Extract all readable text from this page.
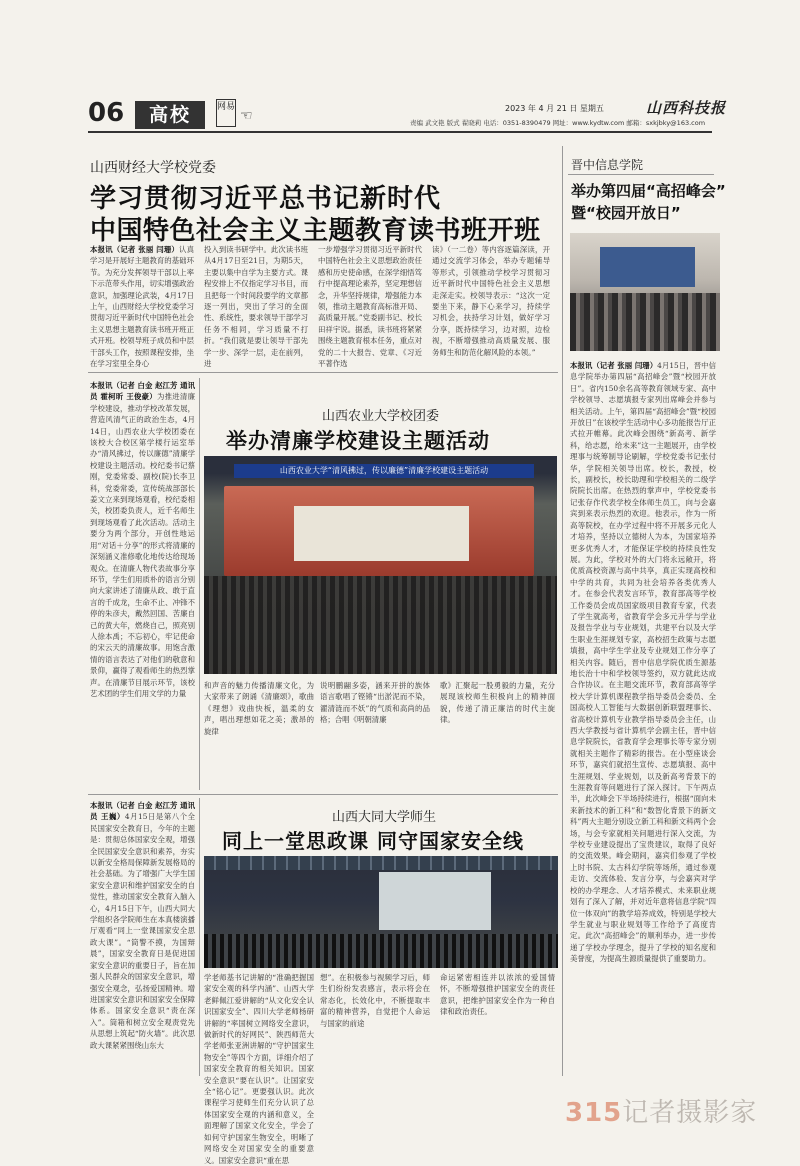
06	高校	网易
☜	2023 年 4 月 21 日 星期五	山西科技报
责编 武文艳 版式 翟晓莉 电话：0351-8390479 网址：www.kydtw.com 邮箱：sxkjbky@163.com
山西财经大学校党委
学习贯彻习近平总书记新时代
中国特色社会主义主题教育读书班开班
本报讯（记者 张丽 闫珊）认真学习是开展好主题教育的基础环节。为充分发挥领导干部以上率下示范带头作用，切实增强政治意识，加强理论武装，4月17日上午，山西财经大学校党委学习贯彻习近平新时代中国特色社会主义思想主题教育读书班开班正式开班。校领导班子成员和中层干部头工作，按照课程安排，坐在学习室里全身心
投入到读书研学中。此次读书班从4月17日至21日，为期5天，主要以集中自学为主要方式。课程安排上不仅指定学习书目，而且把每一个时间段要学的文章都逐一列出，突出了学习的全面性、系统性，要求领导干部学习任务不相同，学习质量不打折。“我们就是要让领导干部先学一步、深学一层，走在前列，进
一步增强学习贯彻习近平新时代中国特色社会主义思想政治责任感和历史使命感，在深学细悟笃行中提高理论素养，坚定理想信念，升华坚持规律，增强能力本领，推动主题教育高标准开局、高质量开展。”党委副书记、校长田祥宇说。据悉，读书班将紧紧围绕主题教育根本任务，重点对党的二十大报告、党章、《习近平著作选
读》（一二卷）等内容逐篇深读，开通过交流学习体会，举办专题辅导等形式，引领推动学校学习贯彻习近平新时代中国特色社会主义思想走深走实。校领导表示：“这次一定要坐下来，静下心来学习，持续学习机会，扶持学习计划，做好学习分享，既持续学习，边对照，边检视，不断增强推动高质量发展、服务师生和防范化解风险的本领。”
本报讯（记者 白金 赵江芳 通讯员 霍柯昕 王俊豪）为推进清廉学校建设，推动学校改革发展，营造风清气正的政治生态，4月14日，山西农业大学校团委在该校大合校区第学楼行运室举办“清风拂过，传以廉德”清廉学校建设主题活动。校纪委书记蔡刚，党委常委、副校(院)长李卫科，党委常委，宣传统战部部长姜文立来到现场观看，校纪委相关，校团委负责人，近千名师生到现场观看了此次活动。活动主要分为两个部分，开创性地运用“对话＋分享”的形式将清廉的深刻涵义准修歌化地传达给现场观众。在清廉人物代表故事分享环节，学生们用质朴的语言分别向大家讲述了清廉从政、敢于直言的千成龙，生命不止、冲锋不停的朱彦夫，戴然回国、苦廉自己的黄大年，燃烧自己，照亮别人徐本禹；不忘初心，牢记使命的宋云天的清廉故事。用饱含激情的语言表达了对他们的敬意和景仰，赢得了观看师生的热烈掌声。在清廉节目展示环节，该校艺术团的学生们用文学的力量
山西农业大学校团委
举办清廉学校建设主题活动
山西农业大学“清风拂过，传以廉德”清廉学校建设主题活动
和声音的魅力传播清廉文化，为大家带来了朗诵《清廉颂》，歌曲《理想》戏曲快板，温柔的女声，唱出理想如花之美；激昂的旋律
说明鹏翮多姿，涵来开拼的族体语言歌唱了铿锵“出淤泥而不染，濯清涟而不妖”的气质和高尚的品格；合唱《明朝清廉
歌》汇聚起一股勇毅的力量，充分展现该校师生积极向上的精神面貌，传递了清正廉洁的时代主旋律。
本报讯（记者 白金 赵江芳 通讯员 王巍）4月15日是第八个全民国家安全教育日，今年的主题是：贯彻总体国家安全观，增强全民国家安全意识和素养，夯实以新安全格局保障新发展格局的社会基础。为了增强广大学生国家安全意识和维护国家安全的自觉性，推动国家安全教育入脑入心，4月15日下午，山西大同大学组织各学院师生在本真楼演播厅观看“同上一堂课国家安全思政大课”。“筒警不摸，为国辩晨”，国家安全教育日是促进国家安全意识的重要日子，旨在加强人民群众的国家安全意识，增强安全观念，弘扬爱国精神。增进国家安全意识和国家安全保障体系。国家安全意识“责在深入”。筒箱和树立安全观责党先从思想上筑起“防火墙”。此次思政大课紧紧围绕山东大
山西大同大学师生
同上一堂思政课 同守国家安全线
学老师基书记讲解的“准确把握国家安全观的科学内涵”、山西大学老鲜佩江爱讲解的“从文化安全认识国家安全”、四川大学老师杨研讲解的“率国树立网络安全意识，做新时代的好网民”、陕西师范大学老师张亚洲讲解的“守护国家生物安全”等四个方面，详细介绍了国家安全教育的相关知识。国家安全意识“要在认识”。让国家安全“铭心记”。更要强认识。此次课程学习使师生们充分认识了总体国家安全观的内涵和意义，全面理解了国家文化安全，学会了如何守护国家生物安全，明晰了网络安全对国家安全的重要意义。国家安全意识“重在思
想”。在积极参与视频学习后，师生们纷纷发表感言，表示将会在常态化，长效化中，不断提取丰富的精神营养，自觉把个人命运与国家的前途
命运紧密相连并以浓浓的爱国情怀，不断增强推护国家安全的责任意识，把维护国家安全作为一种自律和政治责任。
晋中信息学院
举办第四届“高招峰会”
暨“校园开放日”
本报讯（记者 张丽 闫珊）4月15日，晋中信息学院举办第四届“高招峰会”暨“校园开放日”。省内150余名高等教育领域专家、高中学校领导、志愿填报专家列出席峰会并参与相关活动。上午，第四届“高招峰会”暨“校园开放日”在该校学生活动中心多功能报告厅正式拉开帷幕。此次峰会围绕“新高考、新学科，给志愿，给未来”这一主题展开，由学校理事与统筹制导论刷解，学校党委书记张付华，学院相关领导出席。校长，教授，校长，副校长，校长助理和学校相关的二级学院院长出席。在热烈的掌声中，学校党委书记张存作代表学校全体师生员工，向与会嘉宾到来表示热烈的欢迎。他表示，作为一所高等院校，在办学过程中将不开展多元化人才培养，坚持以立德树人为本，为国家培养更多优秀人才，才能保证学校的持续良性发展。为此，学校对外的大门将永远敞开，将优质高校资源与高中共享，真正实现高校和中学的共育，共同为社会培养各类优秀人才。在参会代表发言环节，教育部高等学校工作委员会成员国家级项目教育专家，代表了学生就高考，省教育学会多元升学与学业及报告学业与专业规划，共建平台以及大学生职业生涯规划专家，高校招生政策与志愿填报，高中学生学业及专业规划工作分享了相关内容。随后，晋中信息学院优质生源基地长治十中和学校领导签约，双方就此达成合作协议。在主题交流环节，教育部高等学校大学计算机课程教学指导委员会委员、全国高校人工智能与大数据创新联盟理事长、省高校计算机专业教学指导委员会主任，山西大学教授与省计算机学会副主任，晋中信息学院院长，省教育学会理事长等专家分别就相关主题作了精彩的报告。在小型座谈会环节，嘉宾们就招生宣传、志愿填报、高中生涯规划、学业规划，以及新高考背景下的生涯教育等问题进行了深入探讨。下午两点半，此次峰会下半场持续进行，根据“面向未来新技术的新工科”和“数智化背景下的新文科”两大主题分别设立新工科和新文科两个会场，与会专家就相关问题进行深入交流，为学校专业建设提出了宝贵建议，取得了良好的交流效果。峰会期间，嘉宾们参观了学校上时书院、太古科幻学院等场所，通过参观走访、交流体验、发言分享，与会嘉宾对学校的办学理念、人才培养模式、未来职业规划有了深入了解，并对近年意将信息学院“四位一体双向”的教学培养成效，特别是学校大学生就业与职业规划等工作给予了高度肯定。此次“高招峰会”的顺利举办，进一步传递了学校办学理念，提升了学校的知名度和美誉度，为提高生源质量提供了重要助力。
315记者摄影家
